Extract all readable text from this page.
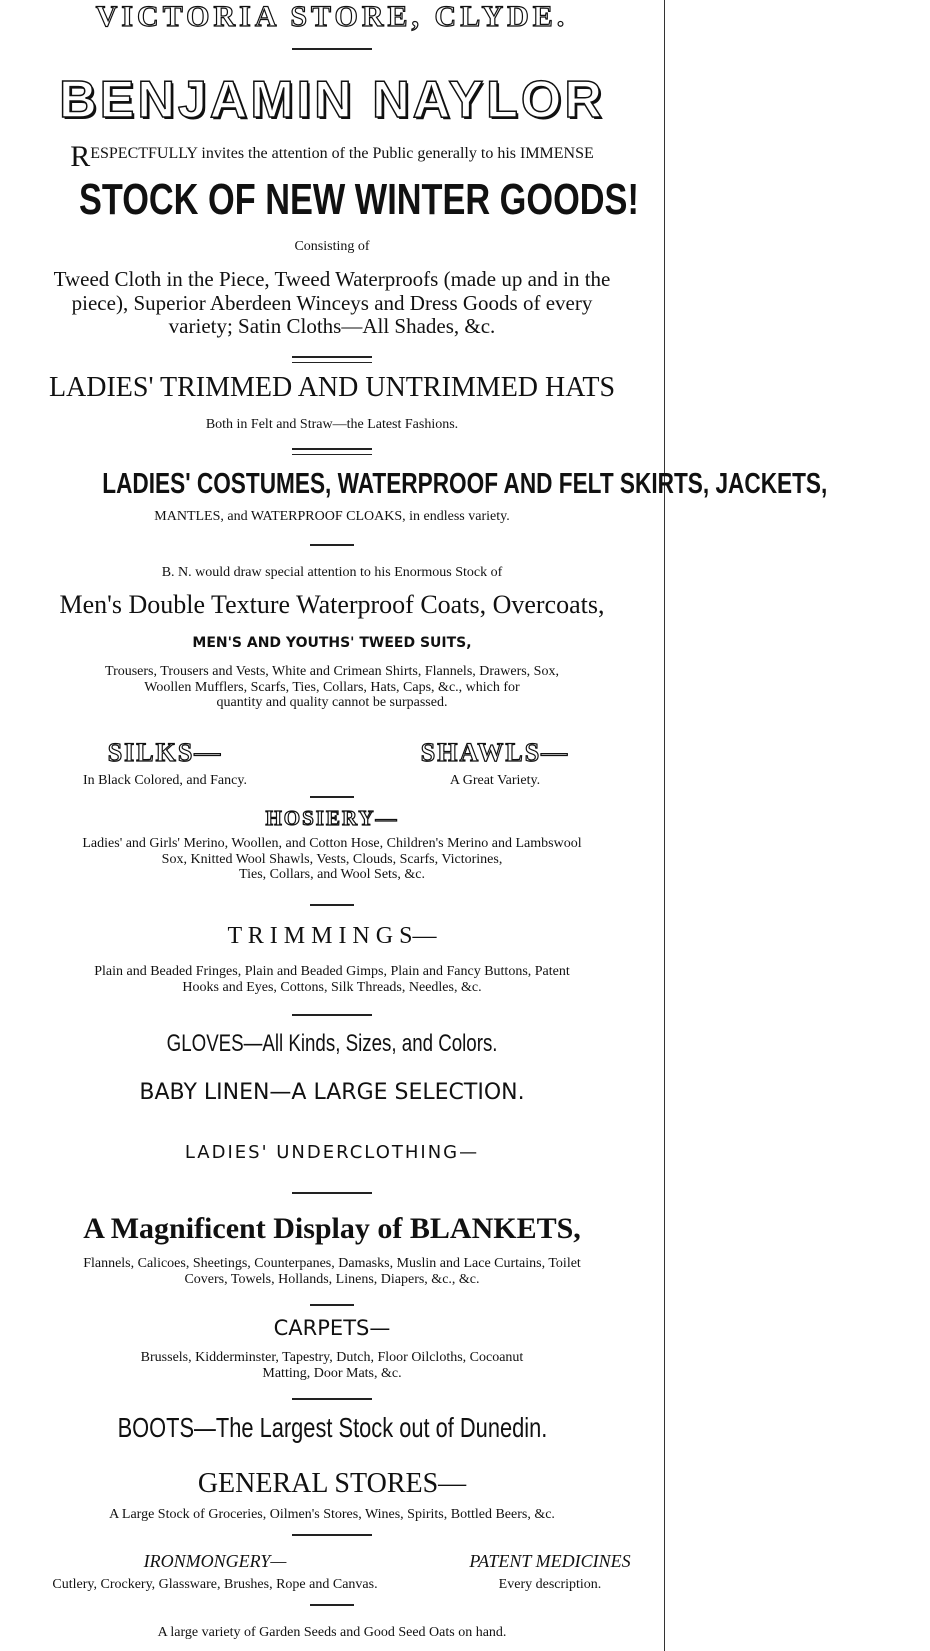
VICTORIA STORE, CLYDE.
BENJAMIN NAYLOR
RESPECTFULLY invites the attention of the Public generally to his IMMENSE
STOCK OF NEW WINTER GOODS!
Consisting of
Tweed Cloth in the Piece, Tweed Waterproofs (made up and in the
piece), Superior Aberdeen Winceys and Dress Goods of every
variety; Satin Cloths—All Shades, &c.
LADIES' TRIMMED AND UNTRIMMED HATS
Both in Felt and Straw—the Latest Fashions.
LADIES' COSTUMES, WATERPROOF AND FELT SKIRTS, JACKETS,
MANTLES, and WATERPROOF CLOAKS, in endless variety.
B. N. would draw special attention to his Enormous Stock of
Men's Double Texture Waterproof Coats, Overcoats,
MEN'S AND YOUTHS' TWEED SUITS,
Trousers, Trousers and Vests, White and Crimean Shirts, Flannels, Drawers, Sox,
Woollen Mufflers, Scarfs, Ties, Collars, Hats, Caps, &c., which for
quantity and quality cannot be surpassed.
SILKS—
In Black Colored, and Fancy.
SHAWLS—
A Great Variety.
HOSIERY—
Ladies' and Girls' Merino, Woollen, and Cotton Hose, Children's Merino and Lambswool
Sox, Knitted Wool Shawls, Vests, Clouds, Scarfs, Victorines,
Ties, Collars, and Wool Sets, &c.
T R I M M I N G S—
Plain and Beaded Fringes, Plain and Beaded Gimps, Plain and Fancy Buttons, Patent
Hooks and Eyes, Cottons, Silk Threads, Needles, &c.
GLOVES—All Kinds, Sizes, and Colors.
BABY LINEN—A LARGE SELECTION.
LADIES' UNDERCLOTHING—
A Magnificent Display of BLANKETS,
Flannels, Calicoes, Sheetings, Counterpanes, Damasks, Muslin and Lace Curtains, Toilet
Covers, Towels, Hollands, Linens, Diapers, &c., &c.
CARPETS—
Brussels, Kidderminster, Tapestry, Dutch, Floor Oilcloths, Cocoanut
Matting, Door Mats, &c.
BOOTS—The Largest Stock out of Dunedin.
GENERAL STORES—
A Large Stock of Groceries, Oilmen's Stores, Wines, Spirits, Bottled Beers, &c.
IRONMONGERY—
Cutlery, Crockery, Glassware, Brushes, Rope and Canvas.
PATENT MEDICINES
Every description.
A large variety of Garden Seeds and Good Seed Oats on hand.
